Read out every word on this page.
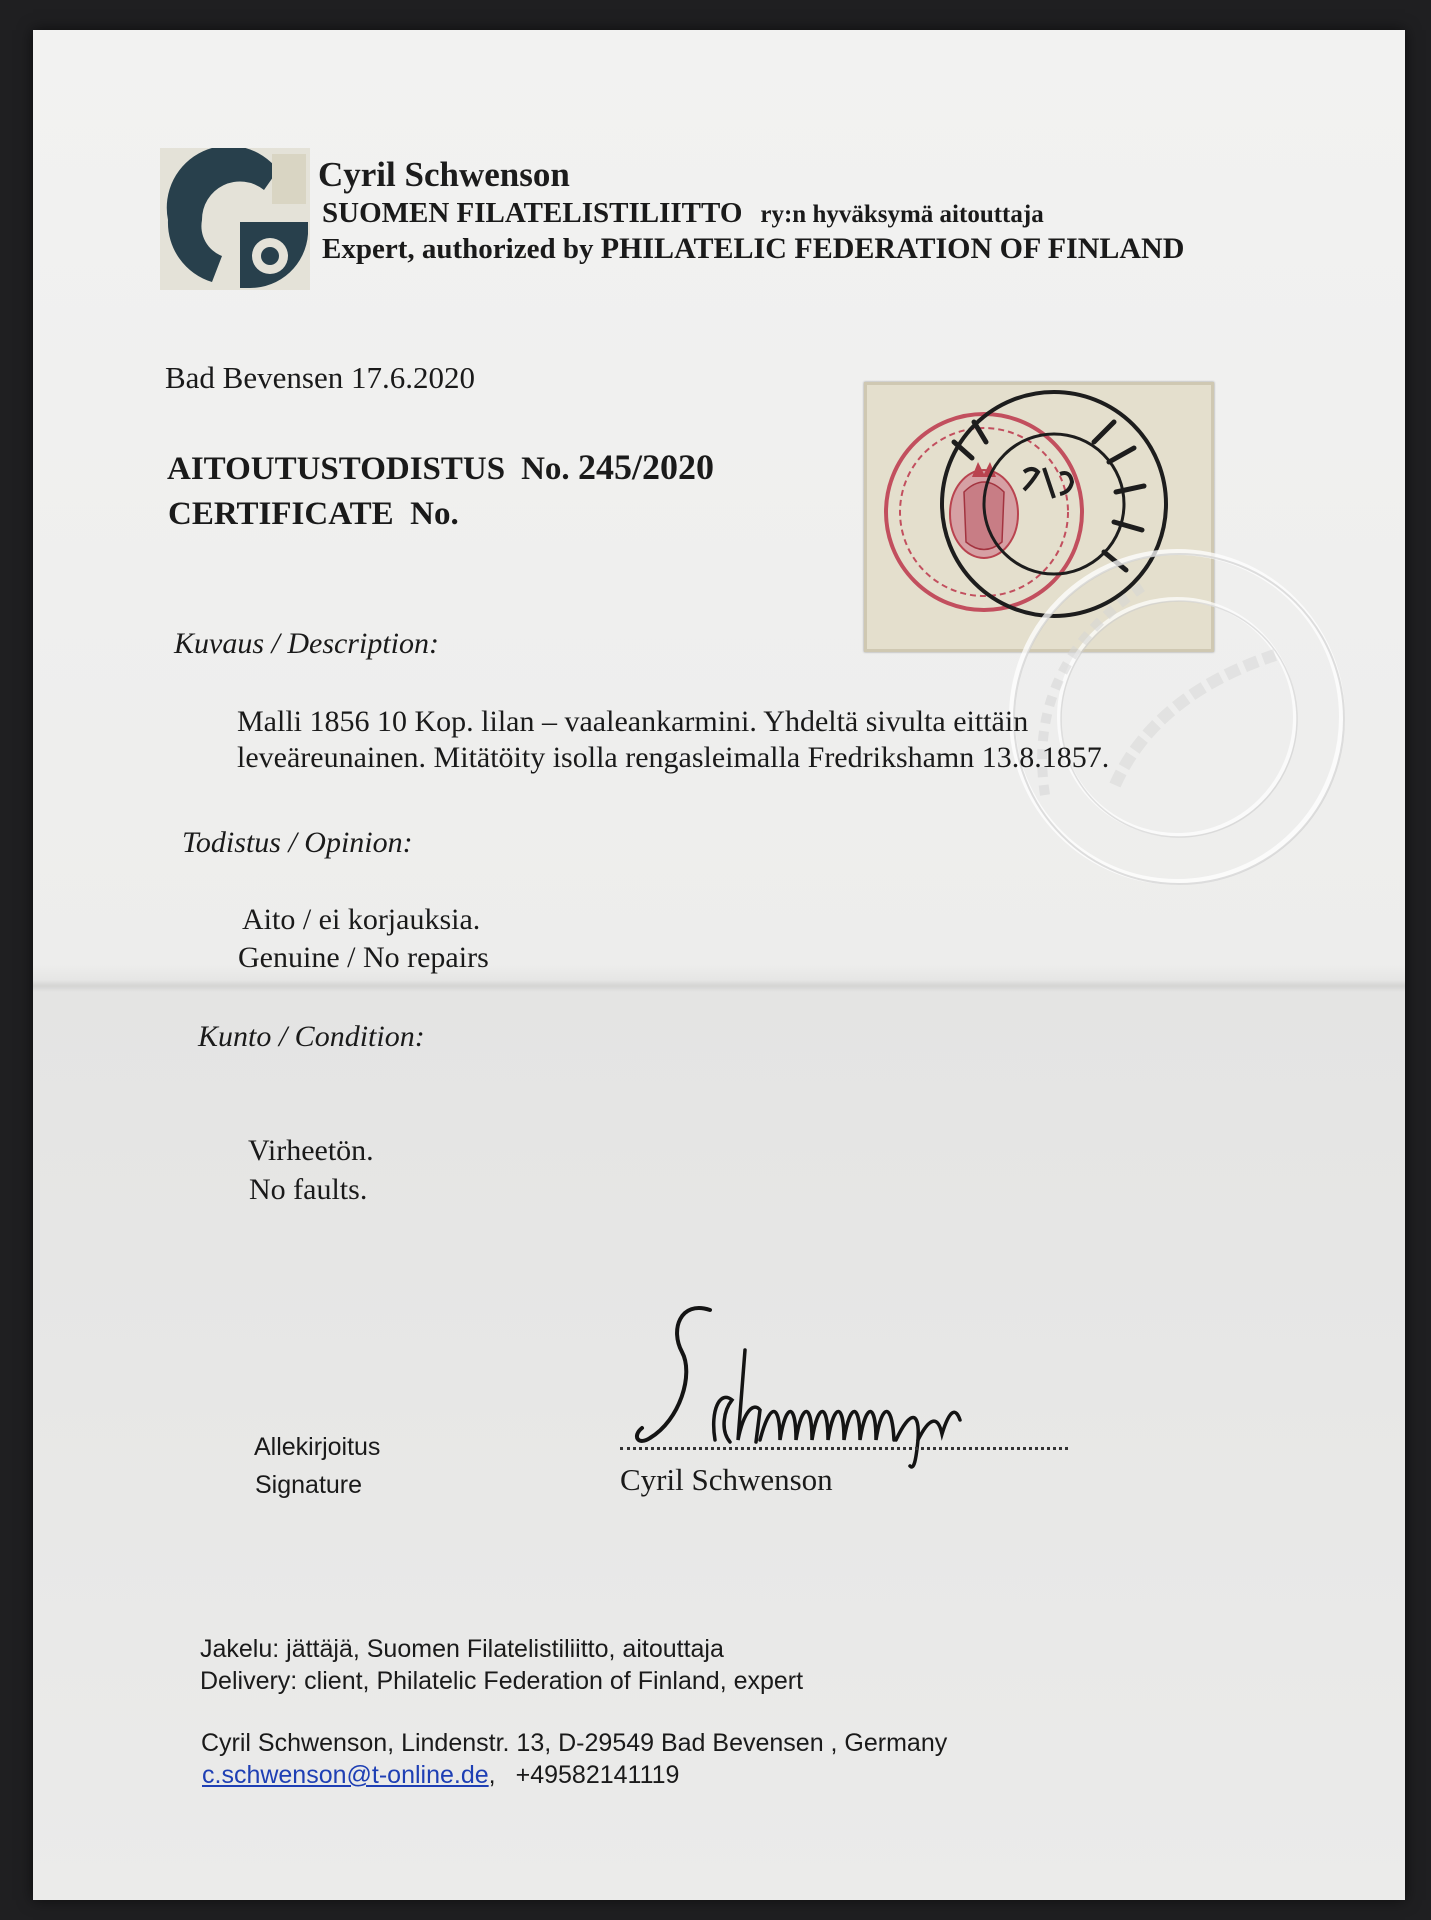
Cyril Schwenson
SUOMEN FILATELISTILIITTO ry:n hyväksymä aitouttaja
Expert, authorized by PHILATELIC FEDERATION OF FINLAND
Bad Bevensen 17.6.2020
AITOUTUSTODISTUS No. 245/2020
CERTIFICATE No.
Kuvaus / Description:
Malli 1856 10 Kop. lilan – vaaleankarmini. Yhdeltä sivulta eittäin
leveäreunainen. Mitätöity isolla rengasleimalla Fredrikshamn 13.8.1857.
Todistus / Opinion:
Aito / ei korjauksia.
Genuine / No repairs
Kunto / Condition:
Virheetön.
No faults.
Allekirjoitus
Signature	Cyril Schwenson
Jakelu: jättäjä, Suomen Filatelistiliitto, aitouttaja
Delivery: client, Philatelic Federation of Finland, expert
Cyril Schwenson, Lindenstr. 13, D-29549 Bad Bevensen , Germany
c.schwenson@t-online.de, +49582141119
